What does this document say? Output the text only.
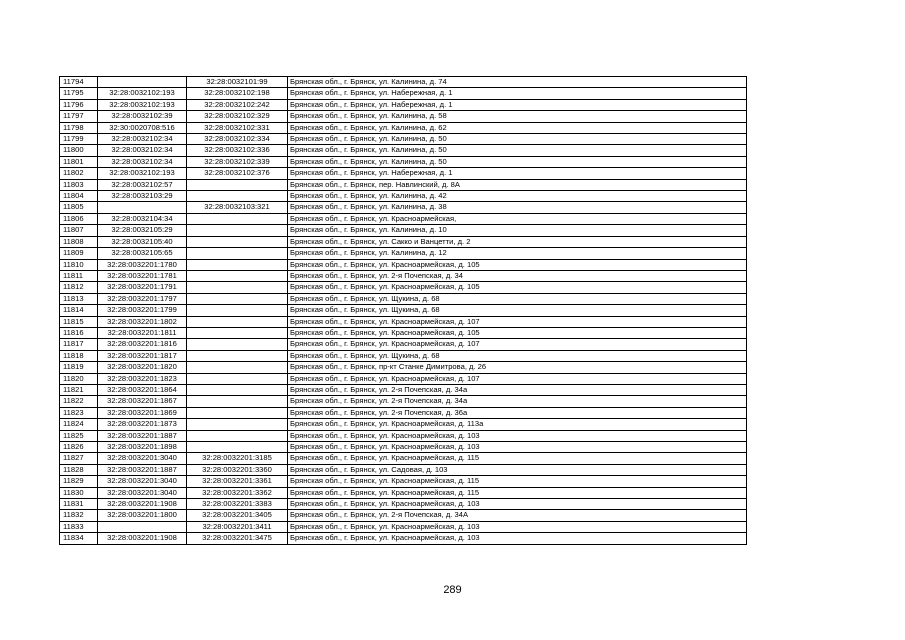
11794		32:28:0032101:99	Брянская обл., г. Брянск, ул. Калинина, д. 74
11795	32:28:0032102:193	32:28:0032102:198	Брянская обл., г. Брянск, ул. Набережная, д. 1
11796	32:28:0032102:193	32:28:0032102:242	Брянская обл., г. Брянск, ул. Набережная, д. 1
11797	32:28:0032102:39	32:28:0032102:329	Брянская обл., г. Брянск, ул. Калинина, д. 58
11798	32:30:0020708:516	32:28:0032102:331	Брянская обл., г. Брянск, ул. Калинина, д. 62
11799	32:28:0032102:34	32:28:0032102:334	Брянская обл., г. Брянск, ул. Калинина, д. 50
11800	32:28:0032102:34	32:28:0032102:336	Брянская обл., г. Брянск, ул. Калинина, д. 50
11801	32:28:0032102:34	32:28:0032102:339	Брянская обл., г. Брянск, ул. Калинина, д. 50
11802	32:28:0032102:193	32:28:0032102:376	Брянская обл., г. Брянск, ул. Набережная, д. 1
11803	32:28:0032102:57		Брянская обл., г. Брянск, пер. Навлинский, д. 8А
11804	32:28:0032103:29		Брянская обл., г. Брянск, ул. Калинина, д. 42
11805		32:28:0032103:321	Брянская обл., г. Брянск, ул. Калинина, д. 38
11806	32:28:0032104:34		Брянская обл., г. Брянск, ул. Красноармейская,
11807	32:28:0032105:29		Брянская обл., г. Брянск, ул. Калинина, д. 10
11808	32:28:0032105:40		Брянская обл., г. Брянск, ул. Сакко и Ванцетти, д. 2
11809	32:28:0032105:65		Брянская обл., г. Брянск, ул. Калинина, д. 12
11810	32:28:0032201:1780		Брянская обл., г. Брянск, ул. Красноармейская, д. 105
11811	32:28:0032201:1781		Брянская обл., г. Брянск, ул. 2-я Почепская, д. 34
11812	32:28:0032201:1791		Брянская обл., г. Брянск, ул. Красноармейская, д. 105
11813	32:28:0032201:1797		Брянская обл., г. Брянск, ул. Щукина, д. 68
11814	32:28:0032201:1799		Брянская обл., г. Брянск, ул. Щукина, д. 68
11815	32:28:0032201:1802		Брянская обл., г. Брянск, ул. Красноармейская, д. 107
11816	32:28:0032201:1811		Брянская обл., г. Брянск, ул. Красноармейская, д. 105
11817	32:28:0032201:1816		Брянская обл., г. Брянск, ул. Красноармейская, д. 107
11818	32:28:0032201:1817		Брянская обл., г. Брянск, ул. Щукина, д. 68
11819	32:28:0032201:1820		Брянская обл., г. Брянск, пр-кт Станке Димитрова, д. 26
11820	32:28:0032201:1823		Брянская обл., г. Брянск, ул. Красноармейская, д. 107
11821	32:28:0032201:1864		Брянская обл., г. Брянск, ул. 2-я Почепская, д. 34а
11822	32:28:0032201:1867		Брянская обл., г. Брянск, ул. 2-я Почепская, д. 34а
11823	32:28:0032201:1869		Брянская обл., г. Брянск, ул. 2-я Почепская, д. 36а
11824	32:28:0032201:1873		Брянская обл., г. Брянск, ул. Красноармейская, д. 113а
11825	32:28:0032201:1887		Брянская обл., г. Брянск, ул. Красноармейская, д. 103
11826	32:28:0032201:1898		Брянская обл., г. Брянск, ул. Красноармейская, д. 103
11827	32:28:0032201:3040	32:28:0032201:3185	Брянская обл., г. Брянск, ул. Красноармейская, д. 115
11828	32:28:0032201:1887	32:28:0032201:3360	Брянская обл., г. Брянск, ул. Садовая, д. 103
11829	32:28:0032201:3040	32:28:0032201:3361	Брянская обл., г. Брянск, ул. Красноармейская, д. 115
11830	32:28:0032201:3040	32:28:0032201:3362	Брянская обл., г. Брянск, ул. Красноармейская, д. 115
11831	32:28:0032201:1908	32:28:0032201:3383	Брянская обл., г. Брянск, ул. Красноармейская, д. 103
11832	32:28:0032201:1800	32:28:0032201:3405	Брянская обл., г. Брянск, ул. 2-я Почепская, д. 34А
11833		32:28:0032201:3411	Брянская обл., г. Брянск, ул. Красноармейская, д. 103
11834	32:28:0032201:1908	32:28:0032201:3475	Брянская обл., г. Брянск, ул. Красноармейская, д. 103
289
